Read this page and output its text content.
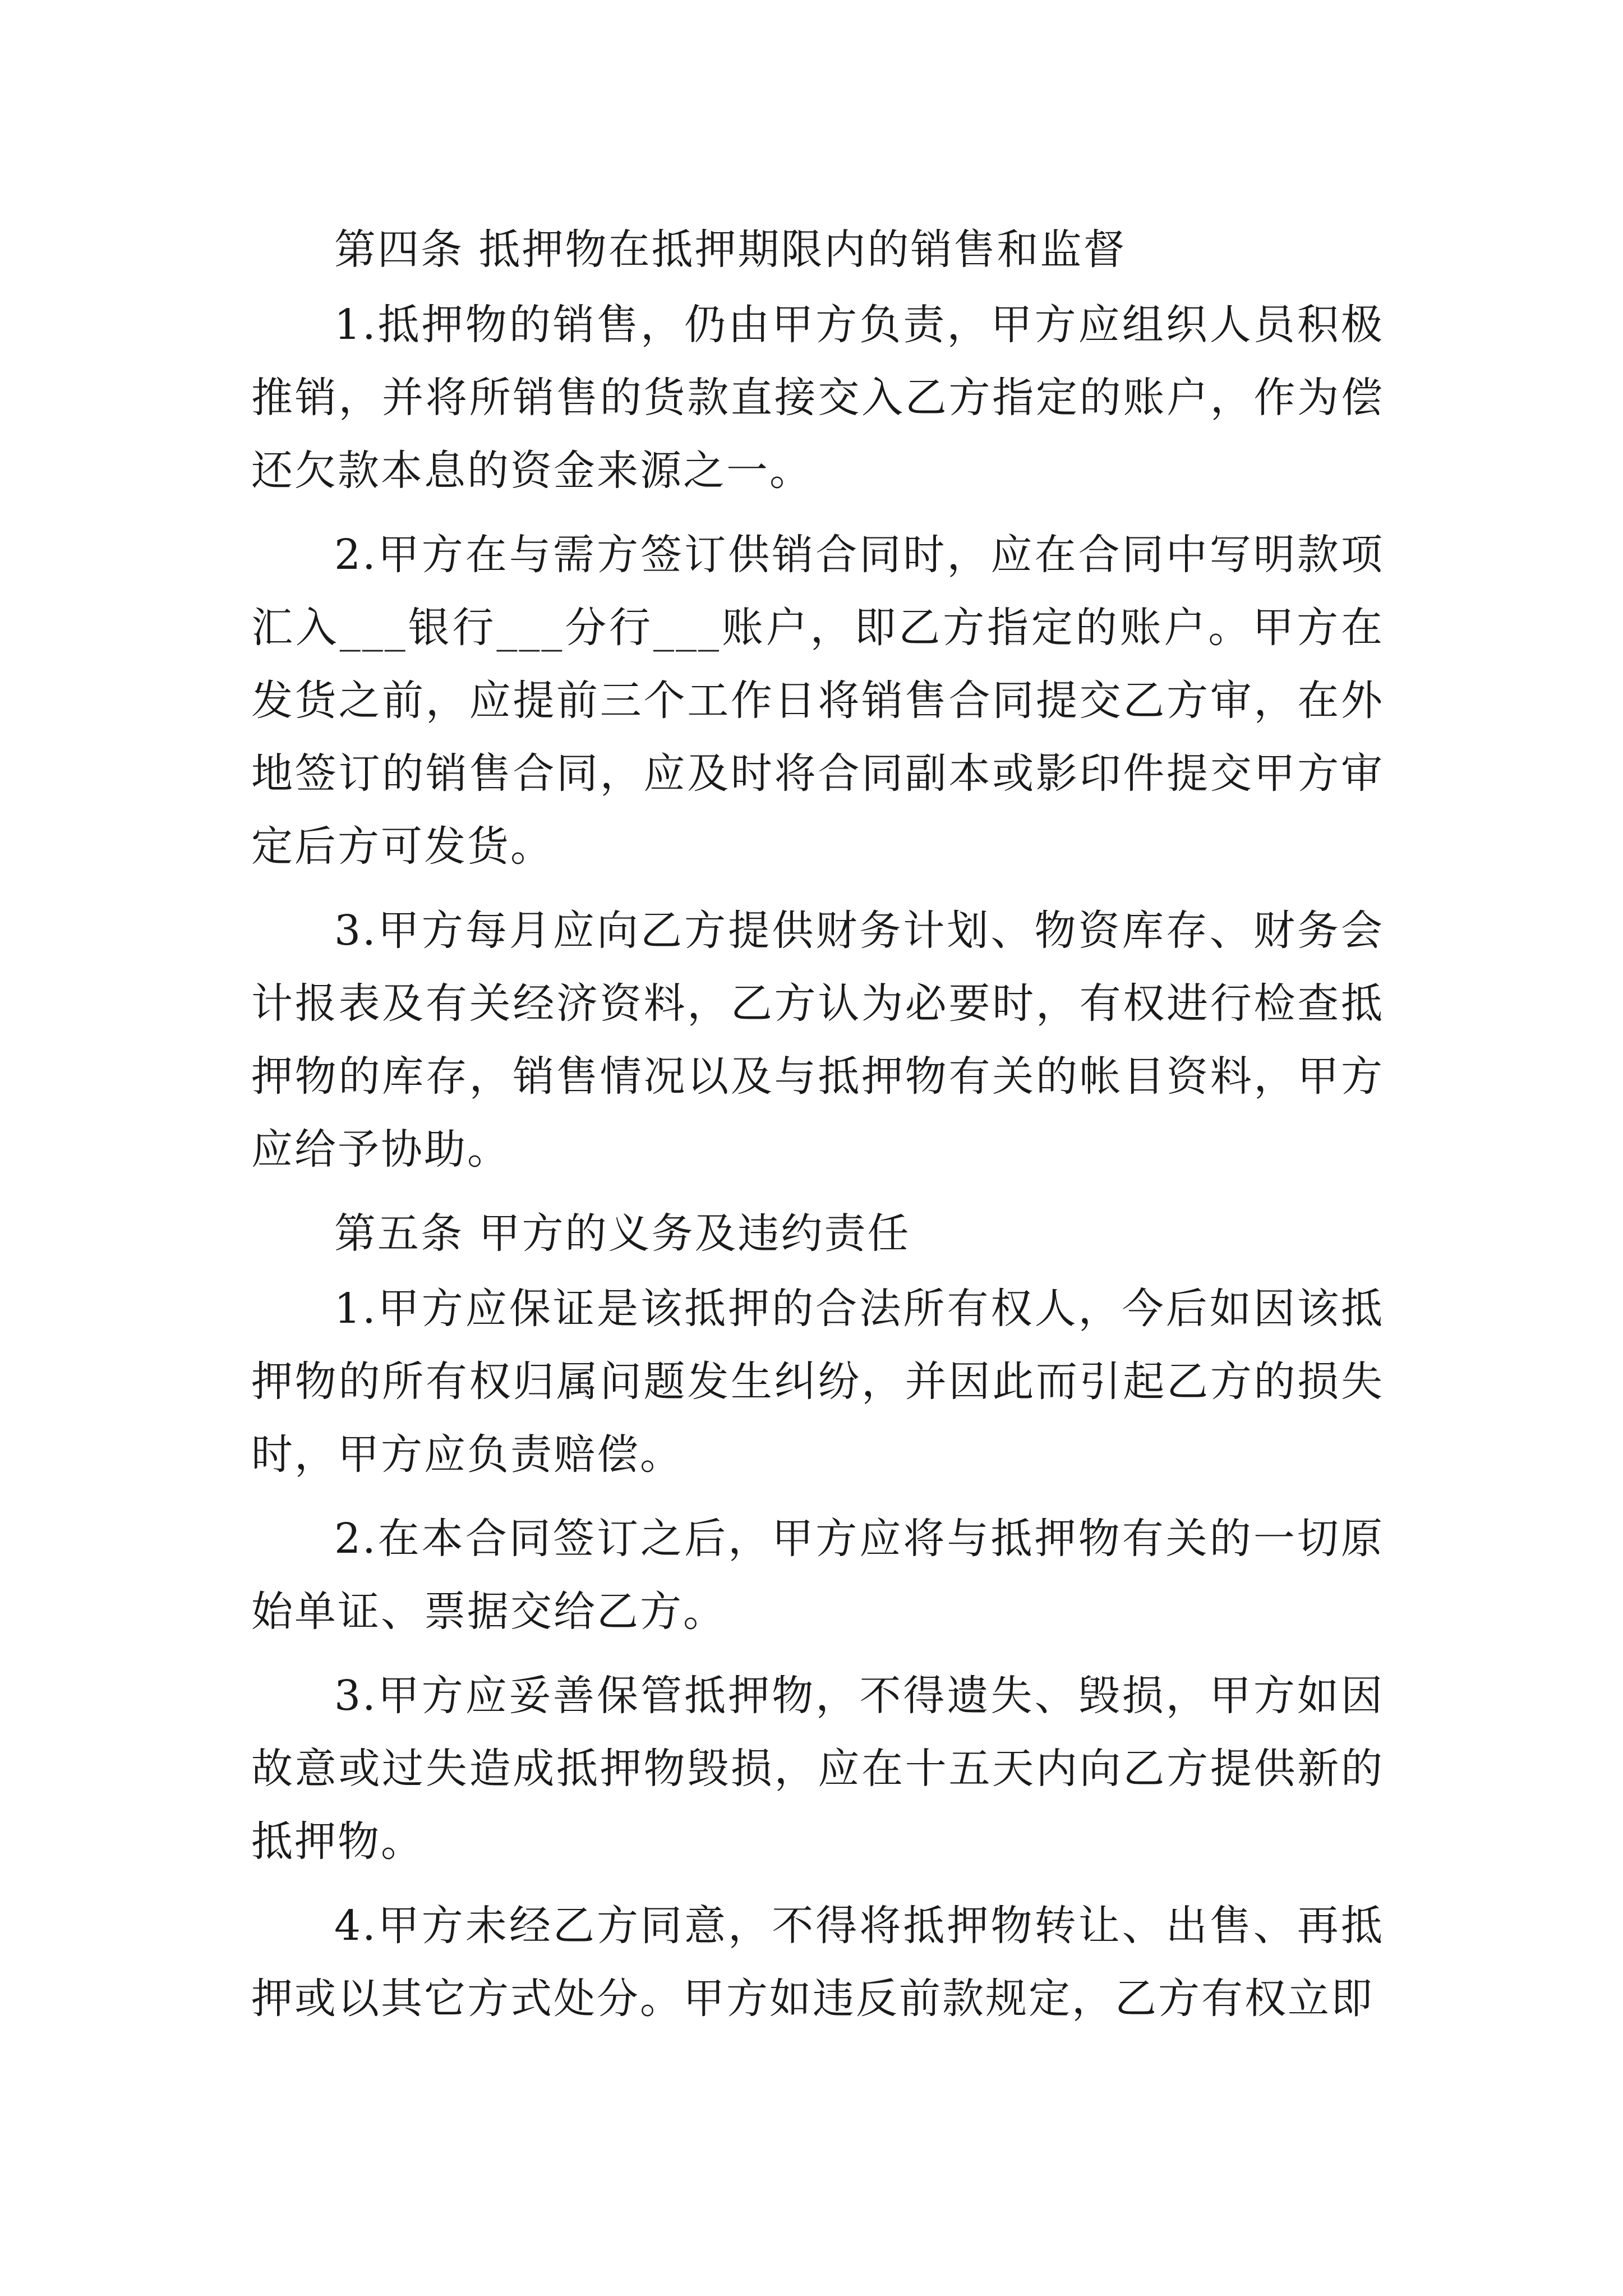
第四条 抵押物在抵押期限内的销售和监督

1.抵押物的销售，仍由甲方负责，甲方应组织人员积极推销，并将所销售的货款直接交入乙方指定的账户，作为偿还欠款本息的资金来源之一。

2.甲方在与需方签订供销合同时，应在合同中写明款项汇入___银行___分行___账户，即乙方指定的账户。甲方在发货之前，应提前三个工作日将销售合同提交乙方审，在外地签订的销售合同，应及时将合同副本或影印件提交甲方审定后方可发货。

3.甲方每月应向乙方提供财务计划、物资库存、财务会计报表及有关经济资料，乙方认为必要时，有权进行检查抵押物的库存，销售情况以及与抵押物有关的帐目资料，甲方应给予协助。

第五条 甲方的义务及违约责任

1.甲方应保证是该抵押的合法所有权人，今后如因该抵押物的所有权归属问题发生纠纷，并因此而引起乙方的损失时，甲方应负责赔偿。

2.在本合同签订之后，甲方应将与抵押物有关的一切原始单证、票据交给乙方。

3.甲方应妥善保管抵押物，不得遗失、毁损，甲方如因故意或过失造成抵押物毁损，应在十五天内向乙方提供新的抵押物。

4.甲方未经乙方同意，不得将抵押物转让、出售、再抵押或以其它方式处分。甲方如违反前款规定，乙方有权立即
